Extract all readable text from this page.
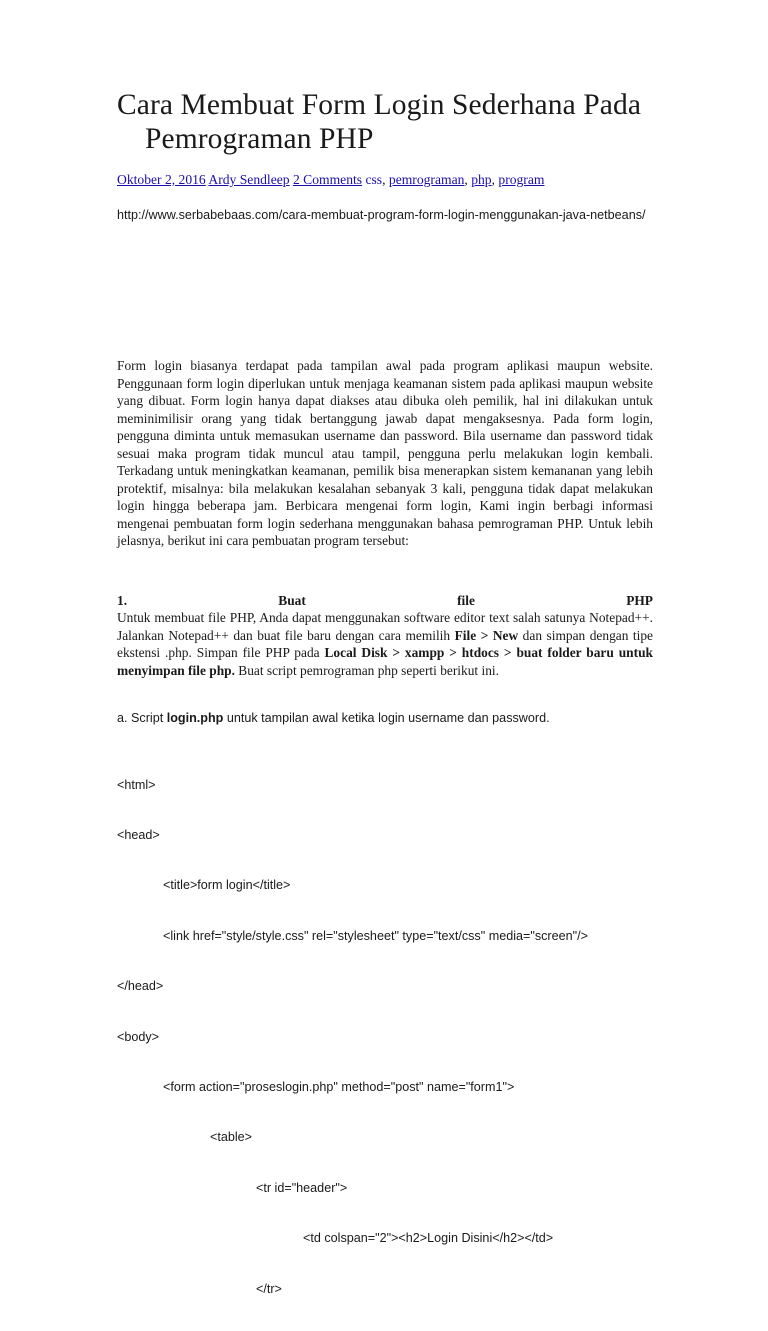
Cara Membuat Form Login Sederhana Pada Pemrograman PHP
Oktober 2, 2016 Ardy Sendleep 2 Comments css, pemrograman, php, program
http://www.serbabebaas.com/cara-membuat-program-form-login-menggunakan-java-netbeans/
Form login biasanya terdapat pada tampilan awal pada program aplikasi maupun website. Penggunaan form login diperlukan untuk menjaga keamanan sistem pada aplikasi maupun website yang dibuat. Form login hanya dapat diakses atau dibuka oleh pemilik, hal ini dilakukan untuk meminimilisir orang yang tidak bertanggung jawab dapat mengaksesnya. Pada form login, pengguna diminta untuk memasukan username dan password. Bila username dan password tidak sesuai maka program tidak muncul atau tampil, pengguna perlu melakukan login kembali. Terkadang untuk meningkatkan keamanan, pemilik bisa menerapkan sistem kemananan yang lebih protektif, misalnya: bila melakukan kesalahan sebanyak 3 kali, pengguna tidak dapat melakukan login hingga beberapa jam. Berbicara mengenai form login, Kami ingin berbagi informasi mengenai pembuatan form login sederhana menggunakan bahasa pemrograman PHP. Untuk lebih jelasnya, berikut ini cara pembuatan program tersebut:
1.	Buat	file	PHP
Untuk membuat file PHP, Anda dapat menggunakan software editor text salah satunya Notepad++. Jalankan Notepad++ dan buat file baru dengan cara memilih File > New dan simpan dengan tipe ekstensi .php. Simpan file PHP pada Local Disk > xampp > htdocs > buat folder baru untuk menyimpan file php. Buat script pemrograman php seperti berikut ini.
a. Script login.php untuk tampilan awal ketika login username dan password.

<html>

<head>

<title>form login</title>

<link href="style/style.css" rel="stylesheet" type="text/css" media="screen"/>

</head>

<body>

<form action="proseslogin.php" method="post" name="form1">

<table>

<tr id="header">

<td colspan="2"><h2>Login Disini</h2></td>

</tr>
